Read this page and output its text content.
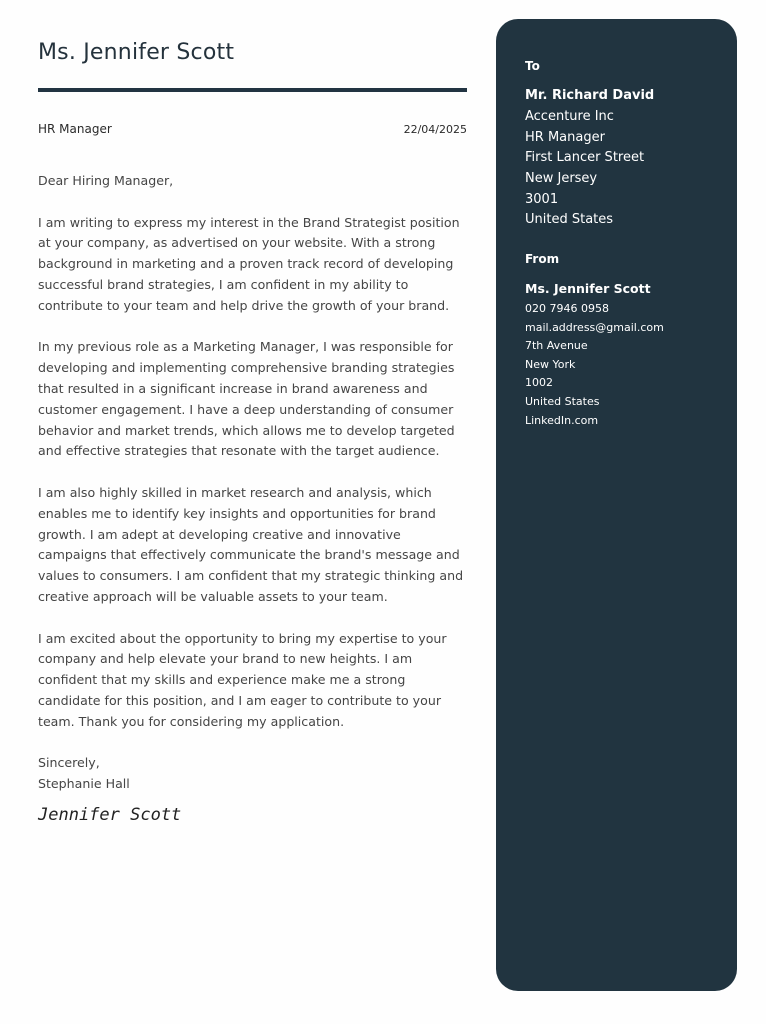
Ms. Jennifer Scott
HR Manager	22/04/2025

Dear Hiring Manager,

I am writing to express my interest in the Brand Strategist position at your company, as advertised on your website. With a strong background in marketing and a proven track record of developing successful brand strategies, I am confident in my ability to contribute to your team and help drive the growth of your brand.

In my previous role as a Marketing Manager, I was responsible for developing and implementing comprehensive branding strategies that resulted in a significant increase in brand awareness and customer engagement. I have a deep understanding of consumer behavior and market trends, which allows me to develop targeted and effective strategies that resonate with the target audience.

I am also highly skilled in market research and analysis, which enables me to identify key insights and opportunities for brand growth. I am adept at developing creative and innovative campaigns that effectively communicate the brand's message and values to consumers. I am confident that my strategic thinking and creative approach will be valuable assets to your team.

I am excited about the opportunity to bring my expertise to your company and help elevate your brand to new heights. I am confident that my skills and experience make me a strong candidate for this position, and I am eager to contribute to your team. Thank you for considering my application.

Sincerely,

Stephanie Hall

Jennifer Scott
To
Mr. Richard David
Accenture Inc
HR Manager
First Lancer Street
New Jersey
3001
United States
From
Ms. Jennifer Scott
020 7946 0958
mail.address@gmail.com
7th Avenue
New York
1002
United States
LinkedIn.com
